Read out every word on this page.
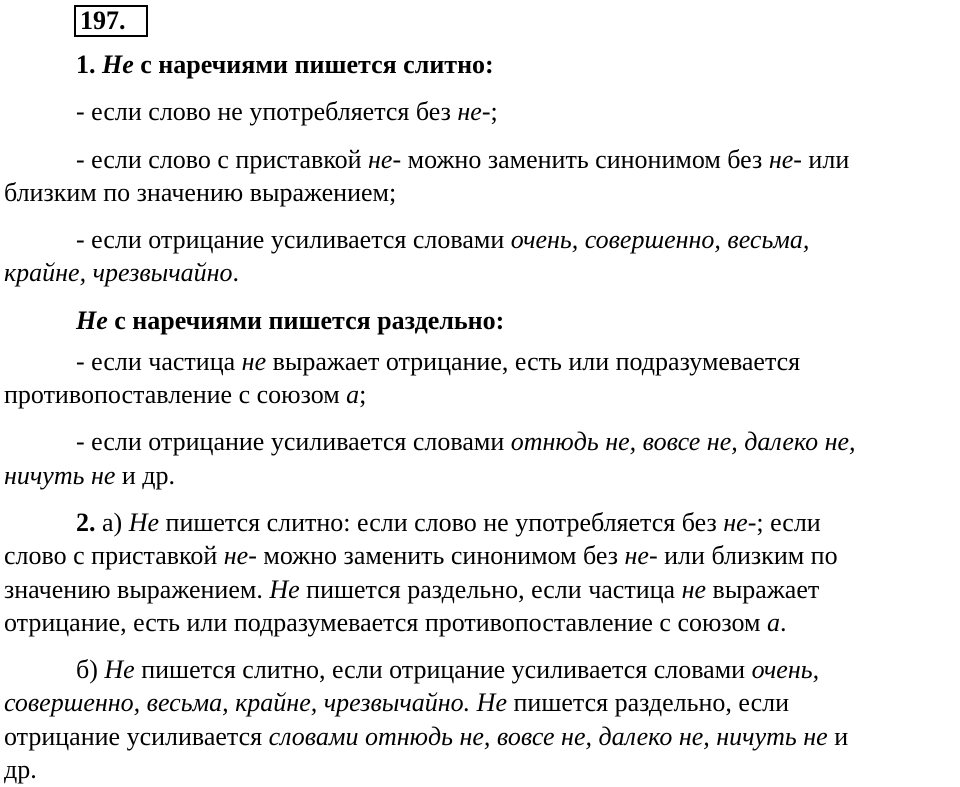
197.
1. Не с наречиями пишется слитно:
- если слово не употребляется без не-;
- если слово с приставкой не- можно заменить синонимом без не- или
близким по значению выражением;
- если отрицание усиливается словами очень, совершенно, весьма,
крайне, чрезвычайно.
Не с наречиями пишется раздельно:
- если частица не выражает отрицание, есть или подразумевается
противопоставление с союзом а;
- если отрицание усиливается словами отнюдь не, вовсе не, далеко не,
ничуть не и др.
2. а) Не пишется слитно: если слово не употребляется без не-; если
слово с приставкой не- можно заменить синонимом без не- или близким по
значению выражением. Не пишется раздельно, если частица не выражает
отрицание, есть или подразумевается противопоставление с союзом а.
б) Не пишется слитно, если отрицание усиливается словами очень,
совершенно, весьма, крайне, чрезвычайно. Не пишется раздельно, если
отрицание усиливается словами отнюдь не, вовсе не, далеко не, ничуть не и
др.
